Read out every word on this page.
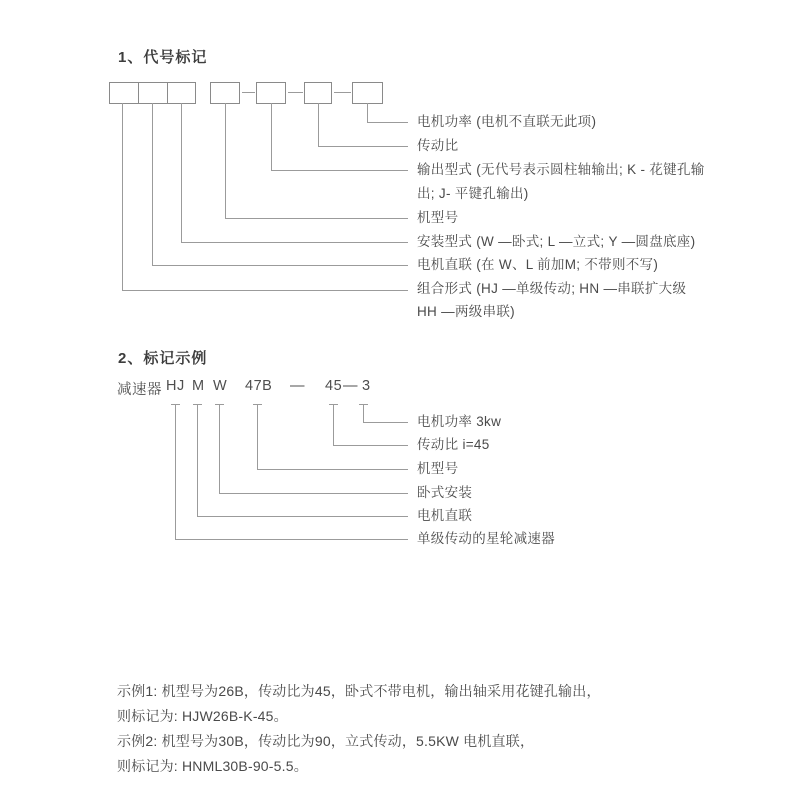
1、代号标记
电机功率 (电机不直联无此项)
传动比
输出型式 (无代号表示圆柱轴输出; K - 花键孔输
出; J- 平键孔输出)
机型号
安装型式 (W —卧式; L —立式; Y —圆盘底座)
电机直联 (在 W、L 前加M; 不带则不写)
组合形式 (HJ —单级传动; HN —串联扩大级
HH —两级串联)
2、标记示例
减速器 HJ M W 47B — 45 — 3
电机功率 3kw
传动比 i=45
机型号
卧式安装
电机直联
单级传动的星轮减速器
示例1: 机型号为26B，传动比为45，卧式不带电机，输出轴采用花键孔输出，
则标记为: HJW26B-K-45。
示例2: 机型号为30B，传动比为90，立式传动，5.5KW 电机直联，
则标记为: HNML30B-90-5.5。
